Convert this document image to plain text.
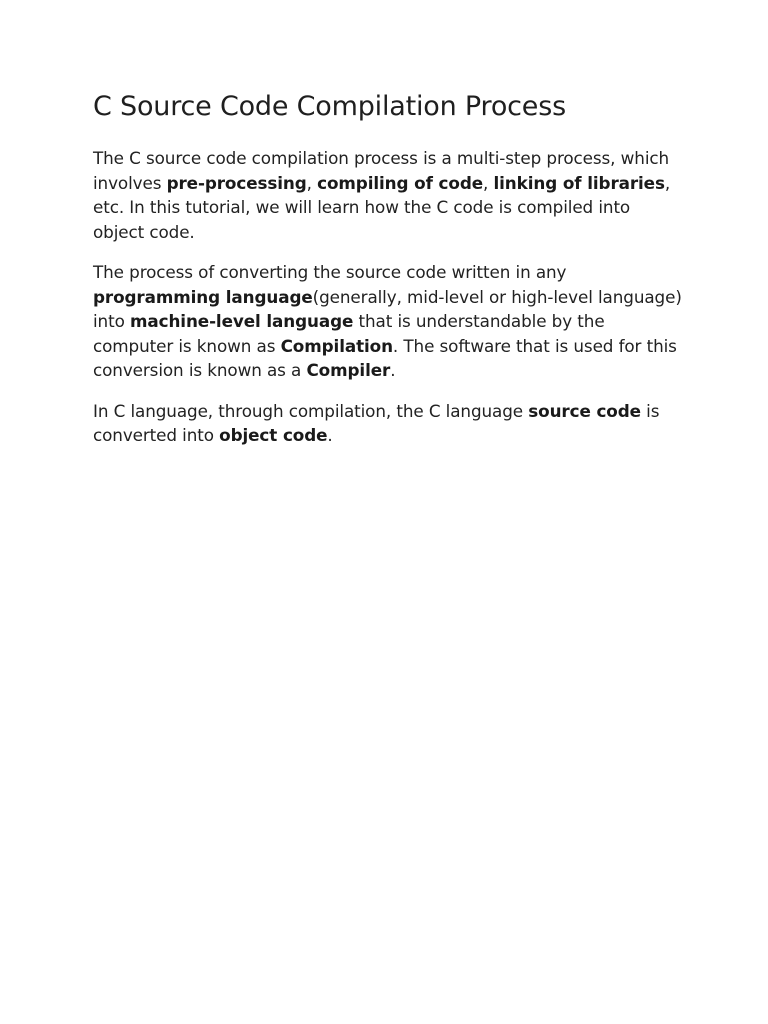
C Source Code Compilation Process

The C source code compilation process is a multi-step process, which involves pre-processing, compiling of code, linking of libraries, etc. In this tutorial, we will learn how the C code is compiled into object code.

The process of converting the source code written in any programming language(generally, mid-level or high-level language) into machine-level language that is understandable by the computer is known as Compilation. The software that is used for this conversion is known as a Compiler.

In C language, through compilation, the C language source code is converted into object code.
